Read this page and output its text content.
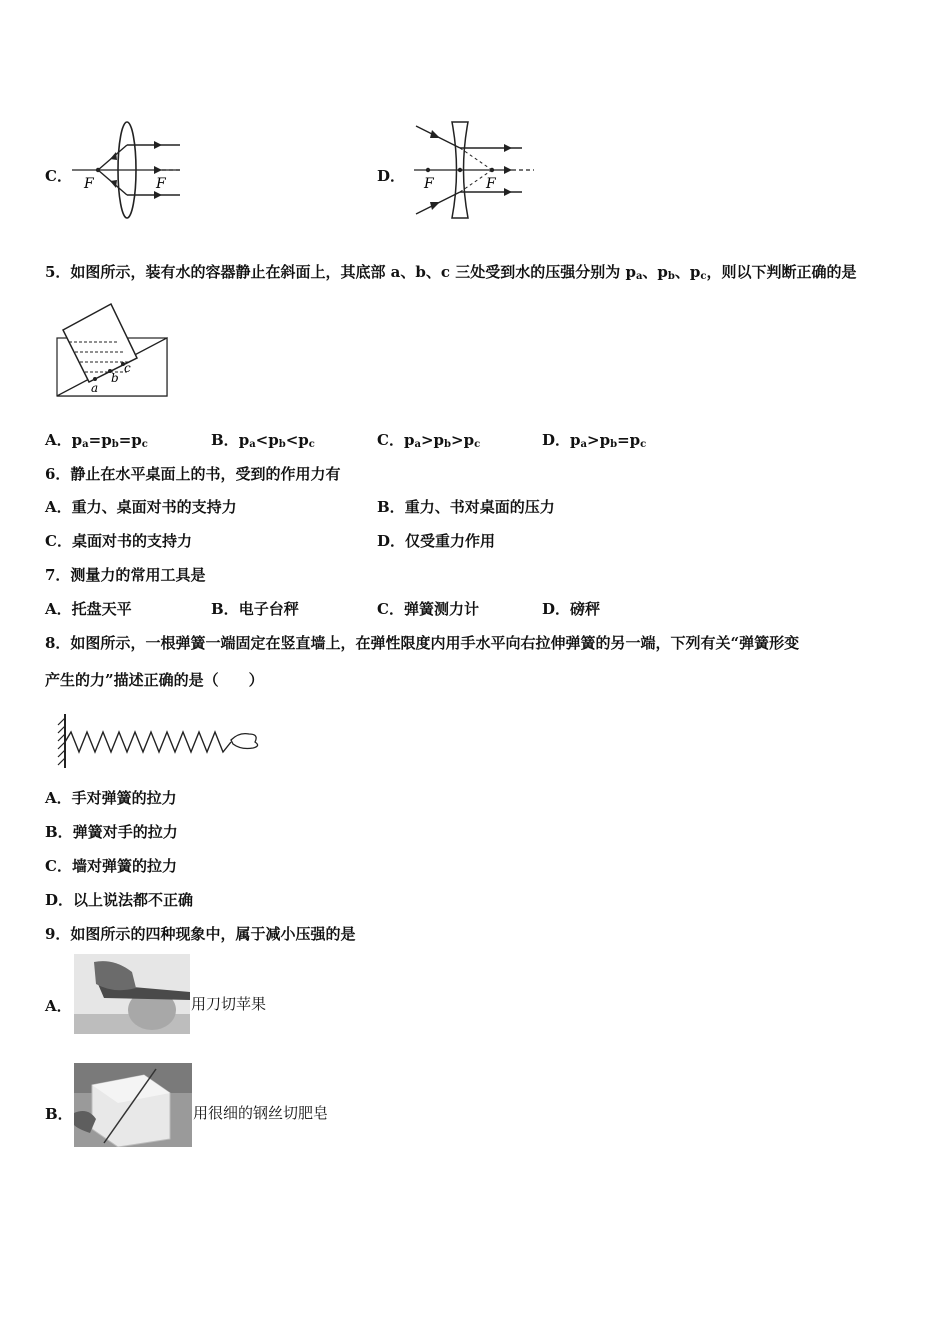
C． F	F	D． F	F
5．如图所示，装有水的容器静止在斜面上，其底部 a、b、c 三处受到水的压强分别为 $p_a$、$p_b$、$p_c$，则以下判断正确的是
a
b
c
A．$p_a=p_b=p_c$	B．$p_a<p_b<p_c$	C．$p_a>p_b>p_c$	D．$p_a>p_b=p_c$
6．静止在水平桌面上的书，受到的作用力有
A．重力、桌面对书的支持力	B．重力、书对桌面的压力
C．桌面对书的支持力	D．仅受重力作用
7．测量力的常用工具是
A．托盘天平	B．电子台秤	C．弹簧测力计	D．磅秤
8．如图所示，一根弹簧一端固定在竖直墙上，在弹性限度内用手水平向右拉伸弹簧的另一端，下列有关“弹簧形变
产生的力”描述正确的是（　　）
A．手对弹簧的拉力
B．弹簧对手的拉力
C．墙对弹簧的拉力
D．以上说法都不正确
9．如图所示的四种现象中，属于减小压强的是
A．	用刀切苹果
B．	用很细的钢丝切肥皂
